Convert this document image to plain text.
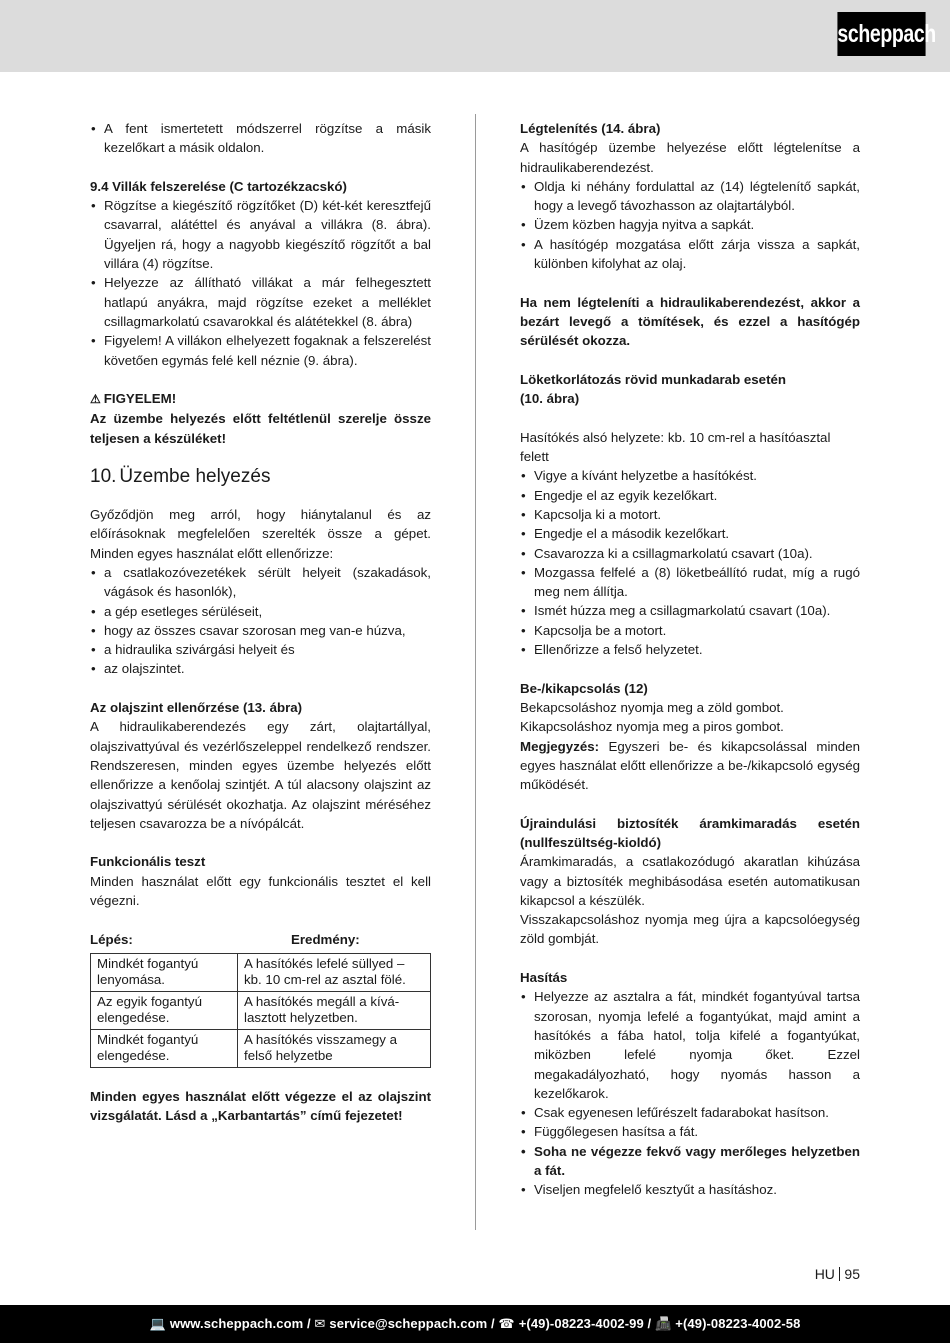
scheppach
• A fent ismertetett módszerrel rögzítse a másik kezelőkart a másik oldalon.

9.4 Villák felszerelése (C tartozékzacskó)

• Rögzítse a kiegészítő rögzítőket (D) két-két keresztfejű csavarral, alátéttel és anyával a villákra (8. ábra). Ügyeljen rá, hogy a nagyobb kiegészítő rögzítőt a bal villára (4) rögzítse.
• Helyezze az állítható villákat a már felhegesztett hatlapú anyákra, majd rögzítse ezeket a melléklet csillagmarkolatú csavarokkal és alátétekkel (8. ábra)
• Figyelem! A villákon elhelyezett fogaknak a felszerelést követően egymás felé kell néznie (9. ábra).

⚠ FIGYELEM!

Az üzembe helyezés előtt feltétlenül szerelje össze teljesen a készüléket!

10. Üzembe helyezés

Győződjön meg arról, hogy hiánytalanul és az előírásoknak megfelelően szerelték össze a gépet. Minden egyes használat előtt ellenőrizze:

• a csatlakozóvezetékek sérült helyeit (szakadások, vágások és hasonlók),
• a gép esetleges sérüléseit,
• hogy az összes csavar szorosan meg van-e húzva,
• a hidraulika szivárgási helyeit és
• az olajszintet.

Az olajszint ellenőrzése (13. ábra)

A hidraulikaberendezés egy zárt, olajtartállyal, olajszivattyúval és vezérlőszeleppel rendelkező rendszer. Rendszeresen, minden egyes üzembe helyezés előtt ellenőrizze a kenőolaj szintjét. A túl alacsony olajszint az olajszivattyú sérülését okozhatja. Az olajszint méréséhez teljesen csavarozza be a nívópálcát.

Funkcionális teszt

Minden használat előtt egy funkcionális tesztet el kell végezni.

Lépés:	Eredmény:
Mindkét fogantyú lenyomása.	A hasítókés lefelé süllyed – kb. 10 cm-rel az asztal fölé.
Az egyik fogantyú elengedése.	A hasítókés megáll a kívá-lasztott helyzetben.
Mindkét fogantyú elengedése.	A hasítókés visszamegy a felső helyzetbe

Minden egyes használat előtt végezze el az olajszint vizsgálatát. Lásd a „Karbantartás” című fejezetet!

Légtelenítés (14. ábra)

A hasítógép üzembe helyezése előtt légtelenítse a hidraulikaberendezést.

• Oldja ki néhány fordulattal az (14) légtelenítő sapkát, hogy a levegő távozhasson az olajtartályból.
• Üzem közben hagyja nyitva a sapkát.
• A hasítógép mozgatása előtt zárja vissza a sapkát, különben kifolyhat az olaj.

Ha nem légteleníti a hidraulikaberendezést, akkor a bezárt levegő a tömítések, és ezzel a hasítógép sérülését okozza.

Löketkorlátozás rövid munkadarab esetén

(10. ábra)

Hasítókés alsó helyzete: kb. 10 cm-rel a hasítóasztal felett

• Vigye a kívánt helyzetbe a hasítókést.
• Engedje el az egyik kezelőkart.
• Kapcsolja ki a motort.
• Engedje el a második kezelőkart.
• Csavarozza ki a csillagmarkolatú csavart (10a).
• Mozgassa felfelé a (8) löketbeállító rudat, míg a rugó meg nem állítja.
• Ismét húzza meg a csillagmarkolatú csavart (10a).
• Kapcsolja be a motort.
• Ellenőrizze a felső helyzetet.

Be-/kikapcsolás (12)

Bekapcsoláshoz nyomja meg a zöld gombot.

Kikapcsoláshoz nyomja meg a piros gombot.

Megjegyzés: Egyszeri be- és kikapcsolással minden egyes használat előtt ellenőrizze a be-/kikapcsoló egység működését.

Újraindulási biztosíték áramkimaradás esetén (nullfeszültség-kioldó)

Áramkimaradás, a csatlakozódugó akaratlan kihúzása vagy a biztosíték meghibásodása esetén automatikusan kikapcsol a készülék.

Visszakapcsoláshoz nyomja meg újra a kapcsolóegység zöld gombját.

Hasítás

• Helyezze az asztalra a fát, mindkét fogantyúval tartsa szorosan, nyomja lefelé a fogantyúkat, majd amint a hasítókés a fába hatol, tolja kifelé a fogantyúkat, miközben lefelé nyomja őket. Ezzel megakadályozható, hogy nyomás hasson a kezelőkarok.
• Csak egyenesen lefűrészelt fadarabokat hasítson.
• Függőlegesen hasítsa a fát.
• Soha ne végezze fekvő vagy merőleges helyzetben a fát.
• Viseljen megfelelő kesztyűt a hasításhoz.
HU 95
💻 www.scheppach.com / ✉ service@scheppach.com / ☎ +(49)-08223-4002-99 / 📠 +(49)-08223-4002-58
